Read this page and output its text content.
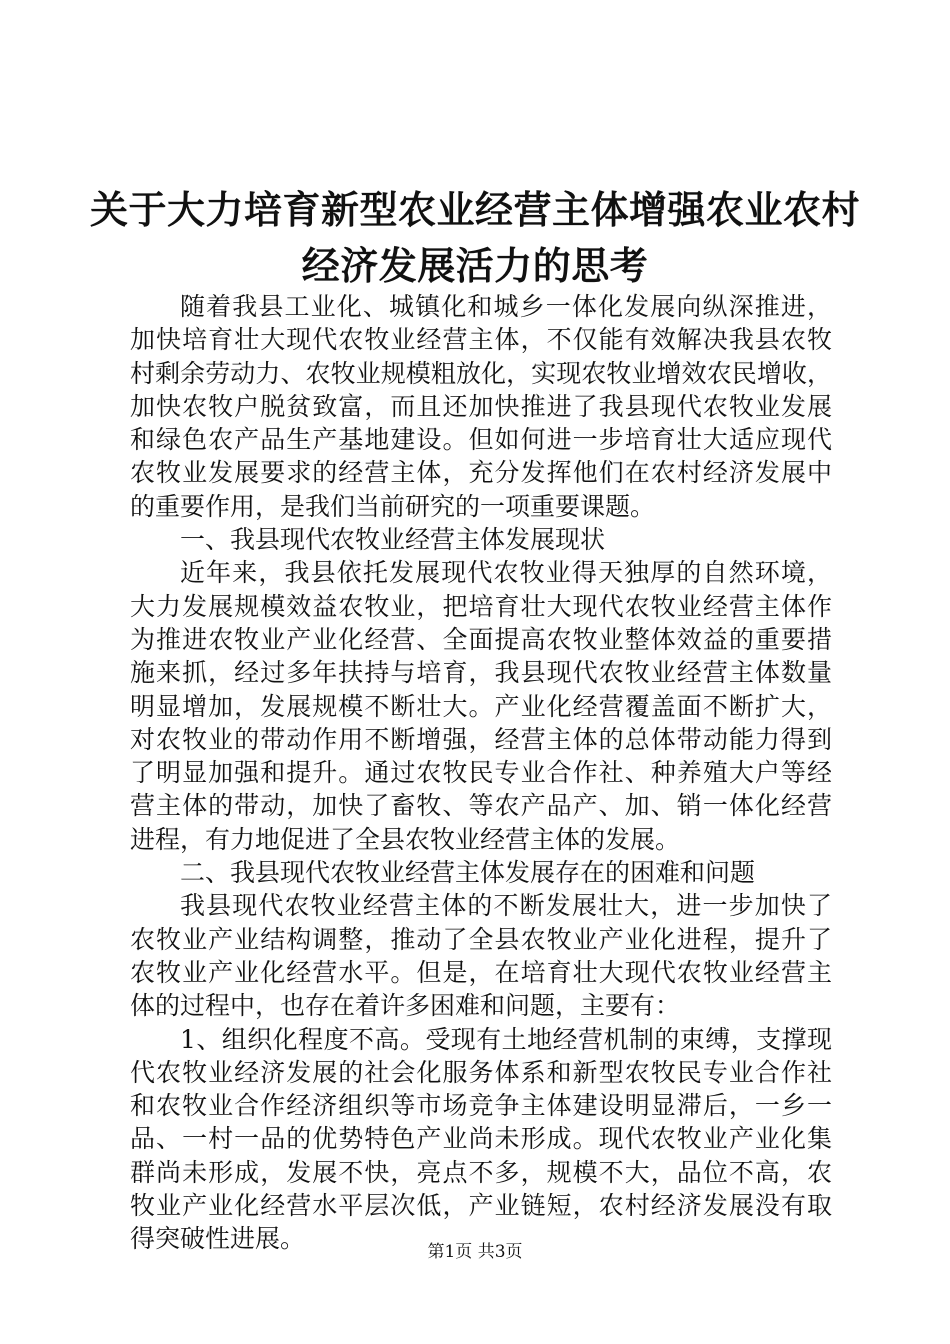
关于大力培育新型农业经营主体增强农业农村
经济发展活力的思考
随着我县工业化、城镇化和城乡一体化发展向纵深推进，
加快培育壮大现代农牧业经营主体，不仅能有效解决我县农牧
村剩余劳动力、农牧业规模粗放化，实现农牧业增效农民增收，
加快农牧户脱贫致富，而且还加快推进了我县现代农牧业发展
和绿色农产品生产基地建设。但如何进一步培育壮大适应现代
农牧业发展要求的经营主体，充分发挥他们在农村经济发展中
的重要作用，是我们当前研究的一项重要课题。
一、我县现代农牧业经营主体发展现状
近年来，我县依托发展现代农牧业得天独厚的自然环境，
大力发展规模效益农牧业，把培育壮大现代农牧业经营主体作
为推进农牧业产业化经营、全面提高农牧业整体效益的重要措
施来抓，经过多年扶持与培育，我县现代农牧业经营主体数量
明显增加，发展规模不断壮大。产业化经营覆盖面不断扩大，
对农牧业的带动作用不断增强，经营主体的总体带动能力得到
了明显加强和提升。通过农牧民专业合作社、种养殖大户等经
营主体的带动，加快了畜牧、等农产品产、加、销一体化经营
进程，有力地促进了全县农牧业经营主体的发展。
二、我县现代农牧业经营主体发展存在的困难和问题
我县现代农牧业经营主体的不断发展壮大，进一步加快了
农牧业产业结构调整，推动了全县农牧业产业化进程，提升了
农牧业产业化经营水平。但是，在培育壮大现代农牧业经营主
体的过程中，也存在着许多困难和问题，主要有：
1、组织化程度不高。受现有土地经营机制的束缚，支撑现
代农牧业经济发展的社会化服务体系和新型农牧民专业合作社
和农牧业合作经济组织等市场竞争主体建设明显滞后，一乡一
品、一村一品的优势特色产业尚未形成。现代农牧业产业化集
群尚未形成，发展不快，亮点不多，规模不大，品位不高，农
牧业产业化经营水平层次低，产业链短，农村经济发展没有取
得突破性进展。	第1页 共3页
